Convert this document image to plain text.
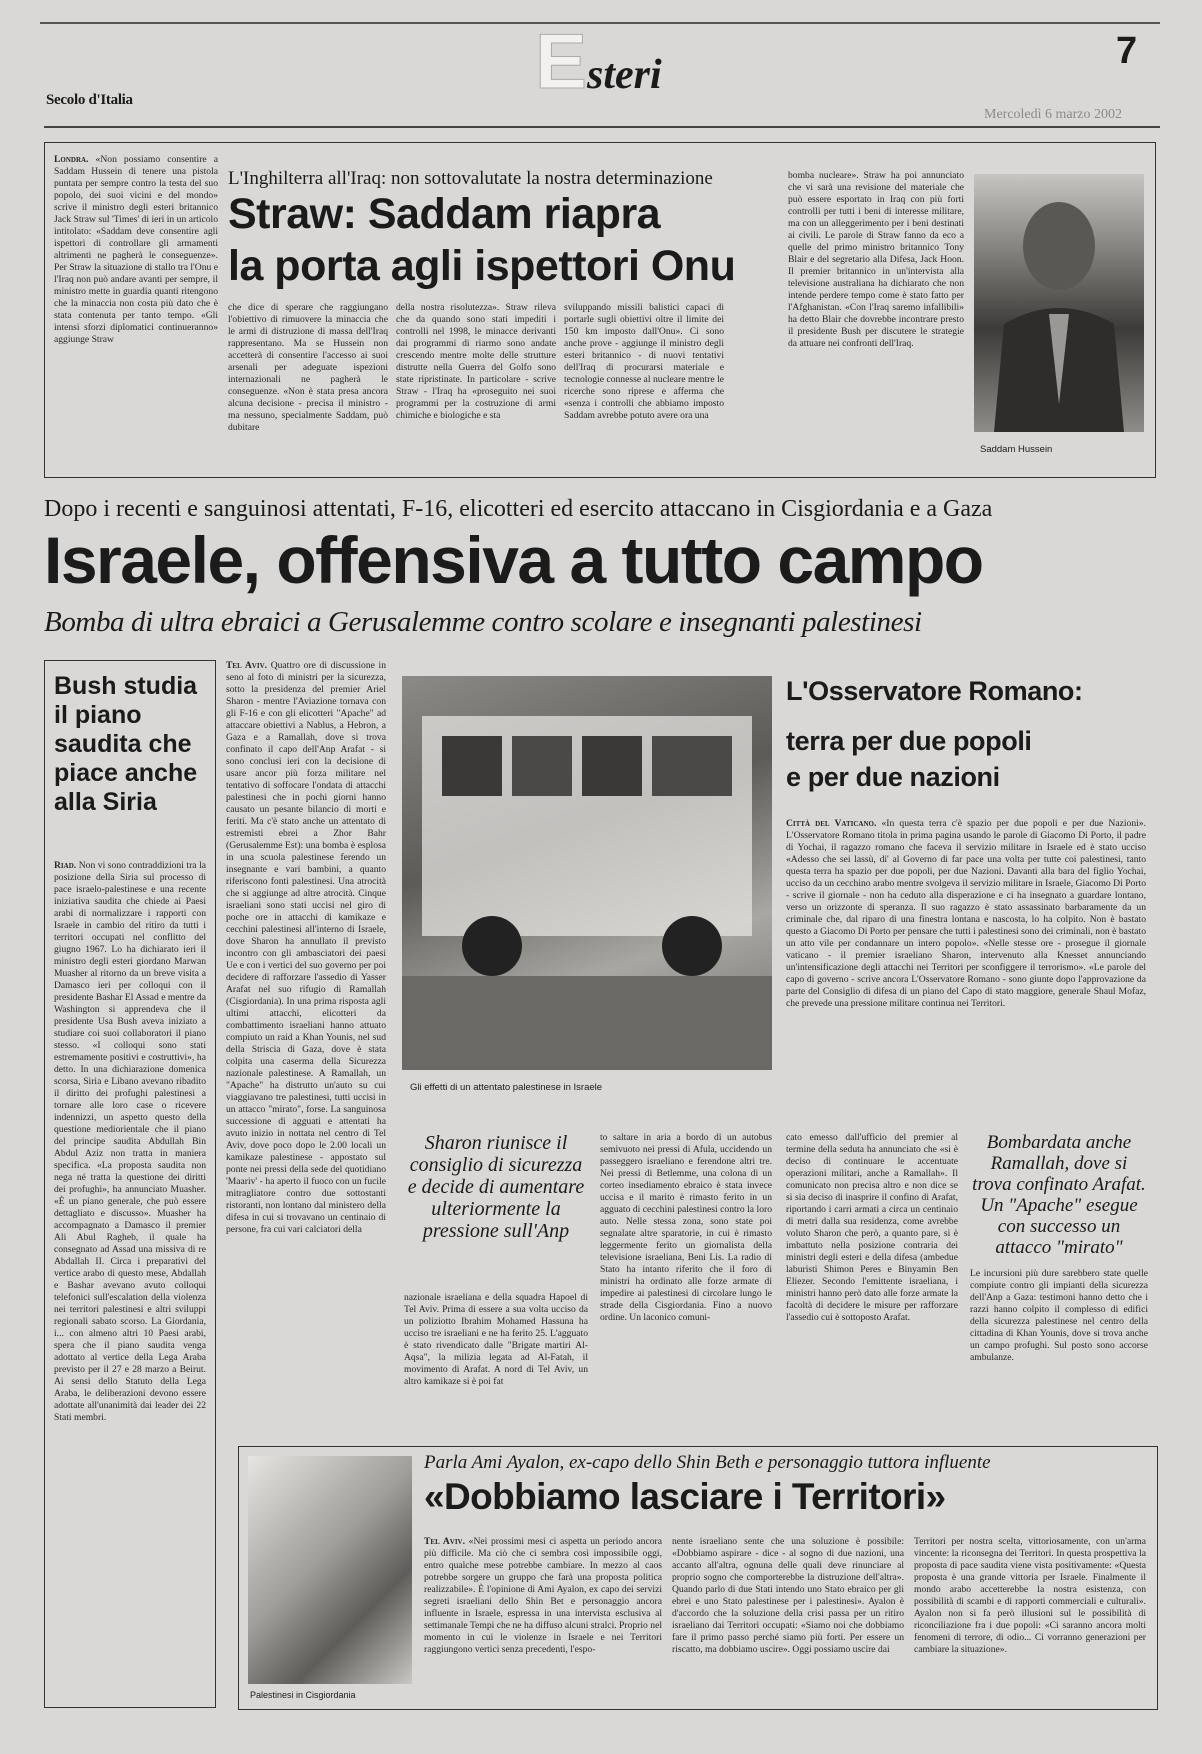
Secolo d'Italia	Esteri
7
Mercoledì 6 marzo 2002
Londra. «Non possiamo consentire a Saddam Hussein di tenere una pistola puntata per sempre contro la testa del suo popolo, dei suoi vicini e del mondo» scrive il ministro degli esteri britannico Jack Straw sul 'Times' di ieri in un articolo intitolato: «Saddam deve consentire agli ispettori di controllare gli armamenti altrimenti ne pagherà le conseguenze». Per Straw la situazione di stallo tra l'Onu e l'Iraq non può andare avanti per sempre, il ministro mette in guardia quanti ritengono che la minaccia non costa più dato che è stata contenuta per tanto tempo. «Gli intensi sforzi diplomatici continueranno» aggiunge Straw
L'Inghilterra all'Iraq: non sottovalutate la nostra determinazione
Straw: Saddam riapra
la porta agli ispettori Onu
che dice di sperare che raggiungano l'obiettivo di rimuovere la minaccia che le armi di distruzione di massa dell'Iraq rappresentano. Ma se Hussein non accetterà di consentire l'accesso ai suoi arsenali per adeguate ispezioni internazionali ne pagherà le conseguenze. «Non è stata presa ancora alcuna decisione - precisa il ministro - ma nessuno, specialmente Saddam, può dubitare
della nostra risolutezza». Straw rileva che da quando sono stati impediti i controlli nel 1998, le minacce derivanti dai programmi di riarmo sono andate crescendo mentre molte delle strutture distrutte nella Guerra del Golfo sono state ripristinate. In particolare - scrive Straw - l'Iraq ha «proseguito nei suoi programmi per la costruzione di armi chimiche e biologiche e sta
sviluppando missili balistici capaci di portarle sugli obiettivi oltre il limite dei 150 km imposto dall'Onu». Ci sono anche prove - aggiunge il ministro degli esteri britannico - di nuovi tentativi dell'Iraq di procurarsi materiale e tecnologie connesse al nucleare mentre le ricerche sono riprese e afferma che «senza i controlli che abbiamo imposto Saddam avrebbe potuto avere ora una
bomba nucleare». Straw ha poi annunciato che vi sarà una revisione del materiale che può essere esportato in Iraq con più forti controlli per tutti i beni di interesse militare, ma con un alleggerimento per i beni destinati ai civili. Le parole di Straw fanno da eco a quelle del primo ministro britannico Tony Blair e del segretario alla Difesa, Jack Hoon. Il premier britannico in un'intervista alla televisione australiana ha dichiarato che non intende perdere tempo come è stato fatto per l'Afghanistan. «Con l'Iraq saremo infallibili» ha detto Blair che dovrebbe incontrare presto il presidente Bush per discutere le strategie da attuare nei confronti dell'Iraq.
Saddam Hussein
Dopo i recenti e sanguinosi attentati, F-16, elicotteri ed esercito attaccano in Cisgiordania e a Gaza
Israele, offensiva a tutto campo
Bomba di ultra ebraici a Gerusalemme contro scolare e insegnanti palestinesi
Bush studia il piano saudita che piace anche alla Siria
Riad. Non vi sono contraddizioni tra la posizione della Siria sul processo di pace israelo-palestinese e una recente iniziativa saudita che chiede ai Paesi arabi di normalizzare i rapporti con Israele in cambio del ritiro da tutti i territori occupati nel conflitto del giugno 1967. Lo ha dichiarato ieri il ministro degli esteri giordano Marwan Muasher al ritorno da un breve visita a Damasco ieri per colloqui con il presidente Bashar El Assad e mentre da Washington si apprendeva che il presidente Usa Bush aveva iniziato a studiare coi suoi collaboratori il piano stesso. «I colloqui sono stati estremamente positivi e costruttivi», ha detto. In una dichiarazione domenica scorsa, Siria e Libano avevano ribadito il diritto dei profughi palestinesi a tornare alle loro case o ricevere indennizzi, un aspetto questo della questione mediorientale che il piano del principe saudita Abdullah Bin Abdul Aziz non tratta in maniera specifica. «La proposta saudita non nega né tratta la questione dei diritti dei profughi», ha annunciato Muasher. «È un piano generale, che può essere dettagliato e discusso». Muasher ha accompagnato a Damasco il premier Ali Abul Ragheb, il quale ha consegnato ad Assad una missiva di re Abdallah II. Circa i preparativi del vertice arabo di questo mese, Abdallah e Bashar avevano avuto colloqui telefonici sull'escalation della violenza nei territori palestinesi e altri sviluppi regionali sabato scorso. La Giordania, i... con almeno altri 10 Paesi arabi, spera che il piano saudita venga adottato al vertice della Lega Araba previsto per il 27 e 28 marzo a Beirut. Ai sensi dello Statuto della Lega Araba, le deliberazioni devono essere adottate all'unanimità dai leader dei 22 Stati membri.
Tel Aviv. Quattro ore di discussione in seno al foto di ministri per la sicurezza, sotto la presidenza del premier Ariel Sharon - mentre l'Aviazione tornava con gli F-16 e con gli elicotteri "Apache" ad attaccare obiettivi a Nablus, a Hebron, a Gaza e a Ramallah, dove si trova confinato il capo dell'Anp Arafat - si sono conclusi ieri con la decisione di usare ancor più forza militare nel tentativo di soffocare l'ondata di attacchi palestinesi che in pochi giorni hanno causato un pesante bilancio di morti e feriti. Ma c'è stato anche un attentato di estremisti ebrei a Zhor Bahr (Gerusalemme Est): una bomba è esplosa in una scuola palestinese ferendo un insegnante e vari bambini, a quanto riferiscono fonti palestinesi. Una atrocità che si aggiunge ad altre atrocità. Cinque israeliani sono stati uccisi nel giro di poche ore in attacchi di kamikaze e cecchini palestinesi all'interno di Israele, dove Sharon ha annullato il previsto incontro con gli ambasciatori dei paesi Ue e con i vertici del suo governo per poi decidere di rafforzare l'assedio di Yasser Arafat nel suo rifugio di Ramallah (Cisgiordania). In una prima risposta agli ultimi attacchi, elicotteri da combattimento israeliani hanno attuato compiuto un raid a Khan Younis, nel sud della Striscia di Gaza, dove è stata colpita una caserma della Sicurezza nazionale palestinese. A Ramallah, un "Apache" ha distrutto un'auto su cui viaggiavano tre palestinesi, tutti uccisi in un attacco "mirato", forse. La sanguinosa successione di agguati e attentati ha avuto inizio in nottata nel centro di Tel Aviv, dove poco dopo le 2.00 locali un kamikaze palestinese - appostato sul ponte nei pressi della sede del quotidiano 'Maariv' - ha aperto il fuoco con un fucile mitragliatore contro due sottostanti ristoranti, non lontano dal ministero della difesa in cui si trovavano un centinaio di persone, fra cui vari calciatori della
Gli effetti di un attentato palestinese in Israele
L'Osservatore Romano:
terra per due popoli
e per due nazioni
Città del Vaticano. «In questa terra c'è spazio per due popoli e per due Nazioni». L'Osservatore Romano titola in prima pagina usando le parole di Giacomo Di Porto, il padre di Yochai, il ragazzo romano che faceva il servizio militare in Israele ed è stato ucciso «Adesso che sei lassù, di' al Governo di far pace una volta per tutte coi palestinesi, tanto questa terra ha spazio per due popoli, per due Nazioni. Davanti alla bara del figlio Yochai, ucciso da un cecchino arabo mentre svolgeva il servizio militare in Israele, Giacomo Di Porto - scrive il giornale - non ha ceduto alla disperazione e ci ha insegnato a guardare lontano, verso un orizzonte di speranza. Il suo ragazzo è stato assassinato barbaramente da un criminale che, dal riparo di una finestra lontana e nascosta, lo ha colpito. Non è bastato questo a Giacomo Di Porto per pensare che tutti i palestinesi sono dei criminali, non è bastato un atto vile per condannare un intero popolo». «Nelle stesse ore - prosegue il giornale vaticano - il premier israeliano Sharon, intervenuto alla Knesset annunciando un'intensificazione degli attacchi nei Territori per sconfiggere il terrorismo». «Le parole del capo di governo - scrive ancora L'Osservatore Romano - sono giunte dopo l'approvazione da parte del Consiglio di difesa di un piano del Capo di stato maggiore, generale Shaul Mofaz, che prevede una pressione militare continua nei Territori.
Sharon riunisce il consiglio di sicurezza e decide di aumentare ulteriormente la pressione sull'Anp
nazionale israeliana e della squadra Hapoel di Tel Aviv. Prima di essere a sua volta ucciso da un poliziotto Ibrahim Mohamed Hassuna ha ucciso tre israeliani e ne ha ferito 25. L'agguato è stato rivendicato dalle "Brigate martiri Al-Aqsa", la milizia legata ad Al-Fatah, il movimento di Arafat. A nord di Tel Aviv, un altro kamikaze si è poi fat
to saltare in aria a bordo di un autobus semivuoto nei pressi di Afula, uccidendo un passeggero israeliano e ferendone altri tre. Nei pressi di Betlemme, una colona di un corteo insediamento ebraico è stata invece uccisa e il marito è rimasto ferito in un agguato di cecchini palestinesi contro la loro auto. Nelle stessa zona, sono state poi segnalate altre sparatorie, in cui è rimasto leggermente ferito un giornalista della televisione israeliana, Beni Lis. La radio di Stato ha intanto riferito che il foro di ministri ha ordinato alle forze armate di impedire ai palestinesi di circolare lungo le strade della Cisgiordania. Fino a nuovo ordine. Un laconico comuni-
cato emesso dall'ufficio del premier al termine della seduta ha annunciato che «si è deciso di continuare le accentuate operazioni militari, anche a Ramallah». Il comunicato non precisa altro e non dice se si sia deciso di inasprire il confino di Arafat, riportando i carri armati a circa un centinaio di metri dalla sua residenza, come avrebbe voluto Sharon che però, a quanto pare, si è imbattuto nella posizione contraria dei ministri degli esteri e della difesa (ambedue laburisti Shimon Peres e Binyamin Ben Eliezer. Secondo l'emittente israeliana, i ministri hanno però dato alle forze armate la facoltà di decidere le misure per rafforzare l'assedio cui è sottoposto Arafat.
Bombardata anche Ramallah, dove si trova confinato Arafat. Un "Apache" esegue con successo un attacco "mirato"
Le incursioni più dure sarebbero state quelle compiute contro gli impianti della sicurezza dell'Anp a Gaza: testimoni hanno detto che i razzi hanno colpito il complesso di edifici della sicurezza palestinese nel centro della cittadina di Khan Younis, dove si trova anche un campo profughi. Sul posto sono accorse ambulanze.
Palestinesi in Cisgiordania
Parla Ami Ayalon, ex-capo dello Shin Beth e personaggio tuttora influente
«Dobbiamo lasciare i Territori»
Tel Aviv. «Nei prossimi mesi ci aspetta un periodo ancora più difficile. Ma ciò che ci sembra così impossibile oggi, entro qualche mese potrebbe cambiare. In mezzo al caos potrebbe sorgere un gruppo che farà una proposta politica realizzabile». È l'opinione di Ami Ayalon, ex capo dei servizi segreti israeliani dello Shin Bet e personaggio ancora influente in Israele, espressa in una intervista esclusiva al settimanale Tempi che ne ha diffuso alcuni stralci. Proprio nel momento in cui le violenze in Israele e nei Territori raggiungono vertici senza precedenti, l'espo-
nente israeliano sente che una soluzione è possibile: «Dobbiamo aspirare - dice - al sogno di due nazioni, una accanto all'altra, ognuna delle quali deve rinunciare al proprio sogno che comporterebbe la distruzione dell'altra». Quando parlo di due Stati intendo uno Stato ebraico per gli ebrei e uno Stato palestinese per i palestinesi». Ayalon è d'accordo che la soluzione della crisi passa per un ritiro israeliano dai Territori occupati: «Siamo noi che dobbiamo fare il primo passo perché siamo più forti. Per essere un riscatto, ma dobbiamo uscire». Oggi possiamo uscire dai
Territori per nostra scelta, vittoriosamente, con un'arma vincente: la riconsegna dei Territori. In questa prospettiva la proposta di pace saudita viene vista positivamente: «Questa proposta è una grande vittoria per Israele. Finalmente il mondo arabo accetterebbe la nostra esistenza, con possibilità di scambi e di rapporti commerciali e culturali». Ayalon non si fa però illusioni sul le possibilità di riconciliazione fra i due popoli: «Ci saranno ancora molti fenomeni di terrore, di odio... Ci vorranno generazioni per cambiare la situazione».
